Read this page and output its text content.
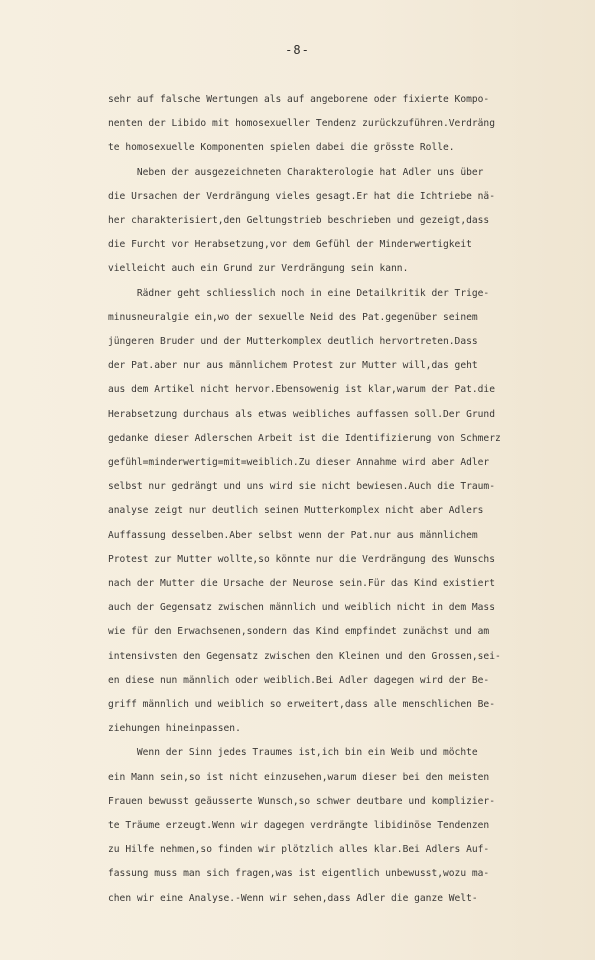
-8-
sehr auf falsche Wertungen als auf angeborene oder fixierte Kompo-
nenten der Libido mit homosexueller Tendenz zurückzuführen.Verdräng
te homosexuelle Komponenten spielen dabei die grösste Rolle.
Neben der ausgezeichneten Charakterologie hat Adler uns über
die Ursachen der Verdrängung vieles gesagt.Er hat die Ichtriebe nä-
her charakterisiert,den Geltungstrieb beschrieben und gezeigt,dass
die Furcht vor Herabsetzung,vor dem Gefühl der Minderwertigkeit
vielleicht auch ein Grund zur Verdrängung sein kann.
Rädner geht schliesslich noch in eine Detailkritik der Trige-
minusneuralgie ein,wo der sexuelle Neid des Pat.gegenüber seinem
jüngeren Bruder und der Mutterkomplex deutlich hervortreten.Dass
der Pat.aber nur aus männlichem Protest zur Mutter will,das geht
aus dem Artikel nicht hervor.Ebensowenig ist klar,warum der Pat.die
Herabsetzung durchaus als etwas weibliches auffassen soll.Der Grund
gedanke dieser Adlerschen Arbeit ist die Identifizierung von Schmerz
gefühl=minderwertig=mit=weiblich.Zu dieser Annahme wird aber Adler
selbst nur gedrängt und uns wird sie nicht bewiesen.Auch die Traum-
analyse zeigt nur deutlich seinen Mutterkomplex nicht aber Adlers
Auffassung desselben.Aber selbst wenn der Pat.nur aus männlichem
Protest zur Mutter wollte,so könnte nur die Verdrängung des Wunschs
nach der Mutter die Ursache der Neurose sein.Für das Kind existiert
auch der Gegensatz zwischen männlich und weiblich nicht in dem Mass
wie für den Erwachsenen,sondern das Kind empfindet zunächst und am
intensivsten den Gegensatz zwischen den Kleinen und den Grossen,sei-
en diese nun männlich oder weiblich.Bei Adler dagegen wird der Be-
griff männlich und weiblich so erweitert,dass alle menschlichen Be-
ziehungen hineinpassen.
Wenn der Sinn jedes Traumes ist,ich bin ein Weib und möchte
ein Mann sein,so ist nicht einzusehen,warum dieser bei den meisten
Frauen bewusst geäusserte Wunsch,so schwer deutbare und komplizier-
te Träume erzeugt.Wenn wir dagegen verdrängte libidinöse Tendenzen
zu Hilfe nehmen,so finden wir plötzlich alles klar.Bei Adlers Auf-
fassung muss man sich fragen,was ist eigentlich unbewusst,wozu ma-
chen wir eine Analyse.-Wenn wir sehen,dass Adler die ganze Welt-
